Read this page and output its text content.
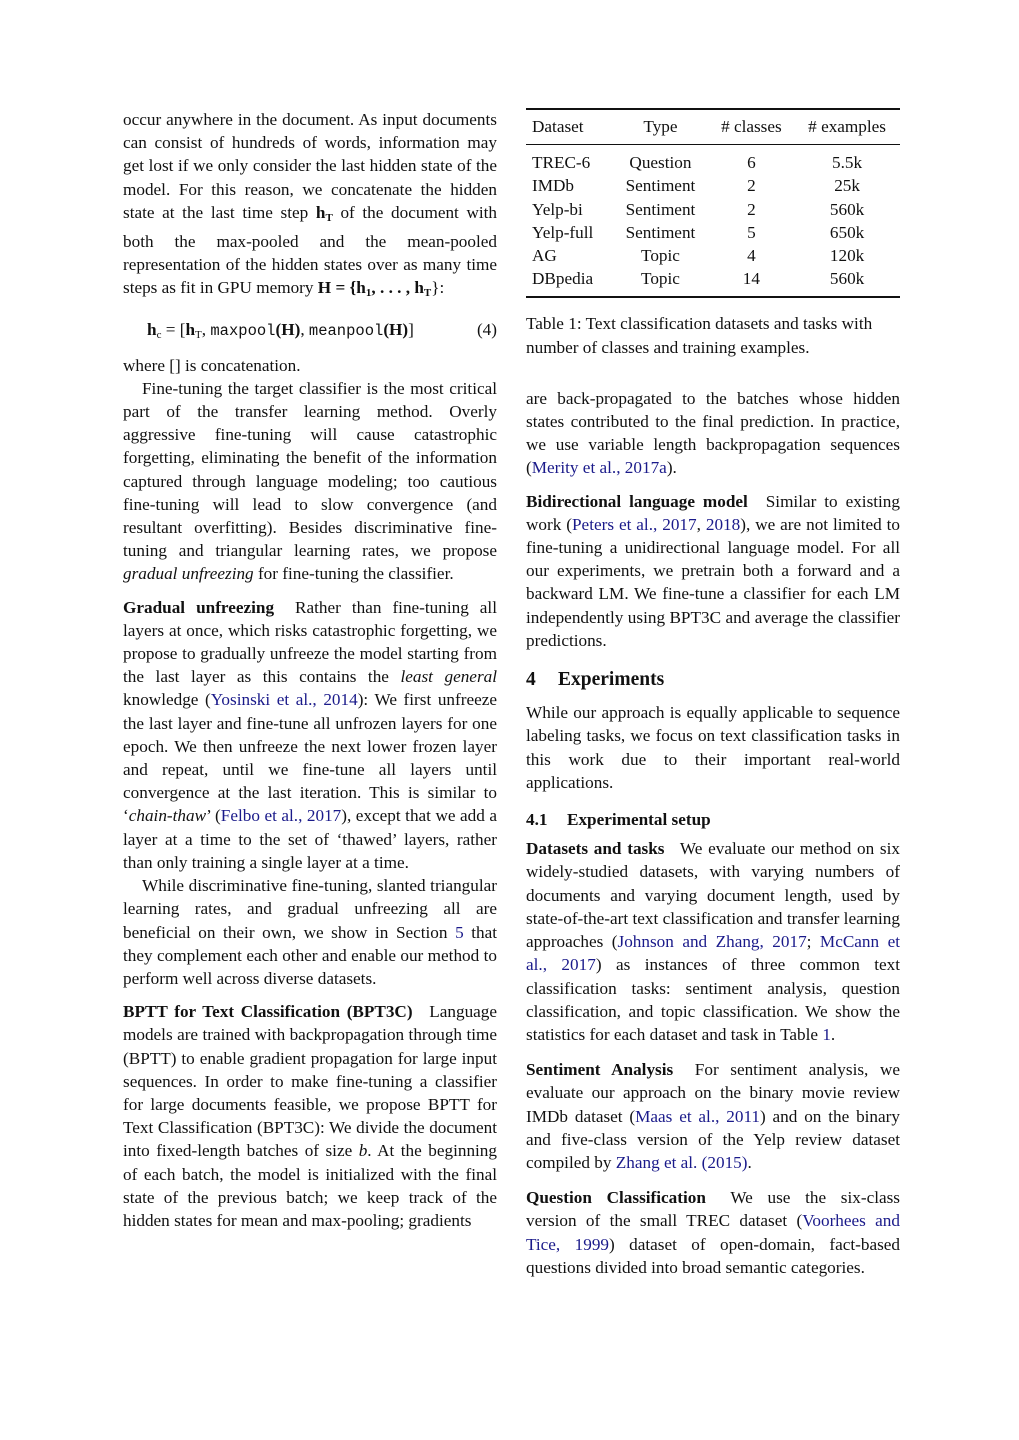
occur anywhere in the document. As input documents can consist of hundreds of words, information may get lost if we only consider the last hidden state of the model. For this reason, we concatenate the hidden state at the last time step $h_T$ of the document with both the max-pooled and the mean-pooled representation of the hidden states over as many time steps as fit in GPU memory $H = \{h_1$, . . . , $h_T$}:

$h_c = [h_T$, maxpool(H), meanpool(H)]	(4)

where [] is concatenation.

Fine-tuning the target classifier is the most critical part of the transfer learning method. Overly aggressive fine-tuning will cause catastrophic forgetting, eliminating the benefit of the information captured through language modeling; too cautious fine-tuning will lead to slow convergence (and resultant overfitting). Besides discriminative fine-tuning and triangular learning rates, we propose gradual unfreezing for fine-tuning the classifier.

Gradual unfreezing Rather than fine-tuning all layers at once, which risks catastrophic forgetting, we propose to gradually unfreeze the model starting from the last layer as this contains the least general knowledge (Yosinski et al., 2014): We first unfreeze the last layer and fine-tune all unfrozen layers for one epoch. We then unfreeze the next lower frozen layer and repeat, until we fine-tune all layers until convergence at the last iteration. This is similar to ‘chain-thaw’ (Felbo et al., 2017), except that we add a layer at a time to the set of ‘thawed’ layers, rather than only training a single layer at a time.

While discriminative fine-tuning, slanted triangular learning rates, and gradual unfreezing all are beneficial on their own, we show in Section 5 that they complement each other and enable our method to perform well across diverse datasets.

BPTT for Text Classification (BPT3C) Language models are trained with backpropagation through time (BPTT) to enable gradient propagation for large input sequences. In order to make fine-tuning a classifier for large documents feasible, we propose BPTT for Text Classification (BPT3C): We divide the document into fixed-length batches of size b. At the beginning of each batch, the model is initialized with the final state of the previous batch; we keep track of the hidden states for mean and max-pooling; gradients

Dataset	Type	# classes	# examples
TREC-6	Question	6	5.5k
IMDb	Sentiment	2	25k
Yelp-bi	Sentiment	2	560k
Yelp-full	Sentiment	5	650k
AG	Topic	4	120k
DBpedia	Topic	14	560k

Table 1: Text classification datasets and tasks with number of classes and training examples.

are back-propagated to the batches whose hidden states contributed to the final prediction. In practice, we use variable length backpropagation sequences (Merity et al., 2017a).

Bidirectional language model Similar to existing work (Peters et al., 2017, 2018), we are not limited to fine-tuning a unidirectional language model. For all our experiments, we pretrain both a forward and a backward LM. We fine-tune a classifier for each LM independently using BPT3C and average the classifier predictions.

4 Experiments

While our approach is equally applicable to sequence labeling tasks, we focus on text classification tasks in this work due to their important real-world applications.

4.1 Experimental setup

Datasets and tasks We evaluate our method on six widely-studied datasets, with varying numbers of documents and varying document length, used by state-of-the-art text classification and transfer learning approaches (Johnson and Zhang, 2017; McCann et al., 2017) as instances of three common text classification tasks: sentiment analysis, question classification, and topic classification. We show the statistics for each dataset and task in Table 1.

Sentiment Analysis For sentiment analysis, we evaluate our approach on the binary movie review IMDb dataset (Maas et al., 2011) and on the binary and five-class version of the Yelp review dataset compiled by Zhang et al. (2015).

Question Classification We use the six-class version of the small TREC dataset (Voorhees and Tice, 1999) dataset of open-domain, fact-based questions divided into broad semantic categories.
